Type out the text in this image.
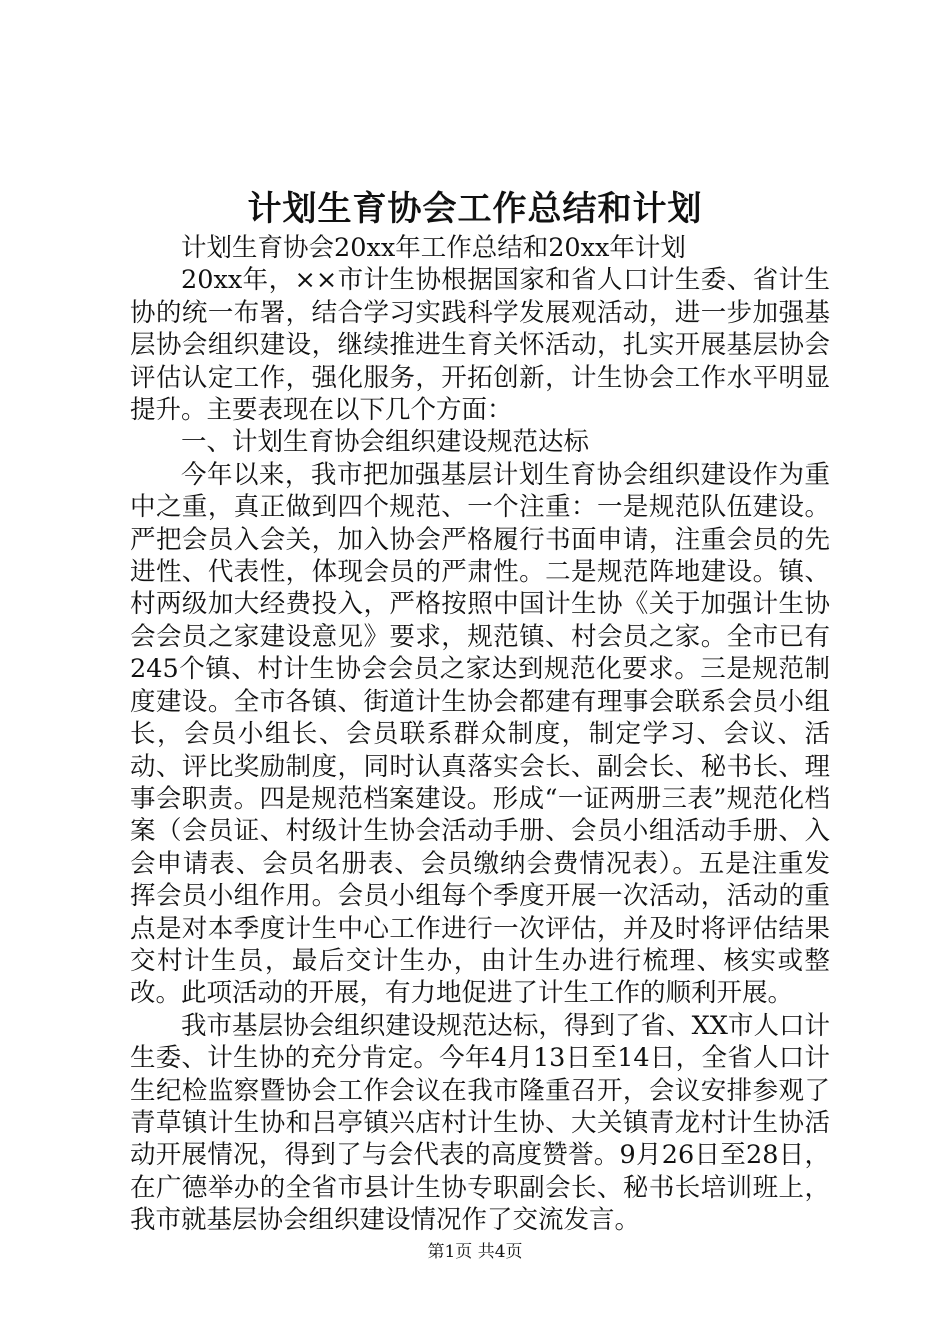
计划生育协会工作总结和计划

计划生育协会20xx年工作总结和20xx年计划

20xx年，××市计生协根据国家和省人口计生委、省计生协的统一布署，结合学习实践科学发展观活动，进一步加强基层协会组织建设，继续推进生育关怀活动，扎实开展基层协会评估认定工作，强化服务，开拓创新，计生协会工作水平明显提升。主要表现在以下几个方面：

一、计划生育协会组织建设规范达标

今年以来，我市把加强基层计划生育协会组织建设作为重中之重，真正做到四个规范、一个注重：一是规范队伍建设。严把会员入会关，加入协会严格履行书面申请，注重会员的先进性、代表性，体现会员的严肃性。二是规范阵地建设。镇、村两级加大经费投入，严格按照中国计生协《关于加强计生协会会员之家建设意见》要求，规范镇、村会员之家。全市已有245个镇、村计生协会会员之家达到规范化要求。三是规范制度建设。全市各镇、街道计生协会都建有理事会联系会员小组长，会员小组长、会员联系群众制度，制定学习、会议、活动、评比奖励制度，同时认真落实会长、副会长、秘书长、理事会职责。四是规范档案建设。形成“一证两册三表”规范化档案（会员证、村级计生协会活动手册、会员小组活动手册、入会申请表、会员名册表、会员缴纳会费情况表）。五是注重发挥会员小组作用。会员小组每个季度开展一次活动，活动的重点是对本季度计生中心工作进行一次评估，并及时将评估结果交村计生员，最后交计生办，由计生办进行梳理、核实或整改。此项活动的开展，有力地促进了计生工作的顺利开展。

我市基层协会组织建设规范达标，得到了省、XX市人口计生委、计生协的充分肯定。今年4月13日至14日，全省人口计生纪检监察暨协会工作会议在我市隆重召开，会议安排参观了青草镇计生协和吕亭镇兴店村计生协、大关镇青龙村计生协活动开展情况，得到了与会代表的高度赞誉。9月26日至28日，在广德举办的全省市县计生协专职副会长、秘书长培训班上，我市就基层协会组织建设情况作了交流发言。

第1页 共4页
